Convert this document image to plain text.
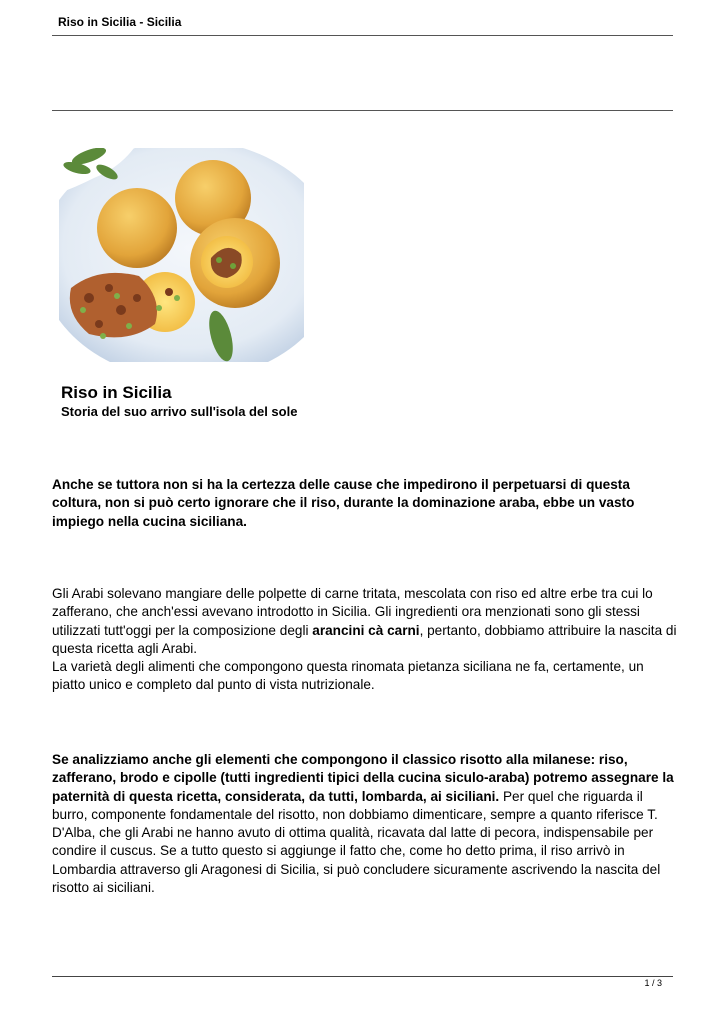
Riso in Sicilia - Sicilia
Riso in Sicilia
Storia del suo arrivo sull'isola del sole
Anche se tuttora non si ha la certezza delle cause che impedirono il perpetuarsi di questa coltura, non si può certo ignorare che il riso, durante la dominazione araba, ebbe un vasto impiego nella cucina siciliana.
Gli Arabi solevano mangiare delle polpette di carne tritata, mescolata con riso ed altre erbe tra cui lo zafferano, che anch'essi avevano introdotto in Sicilia. Gli ingredienti ora menzionati sono gli stessi utilizzati tutt'oggi per la composizione degli arancini cà carni, pertanto, dobbiamo attribuire la nascita di questa ricetta agli Arabi.
La varietà degli alimenti che compongono questa rinomata pietanza siciliana ne fa, certamente, un piatto unico e completo dal punto di vista nutrizionale.
Se analizziamo anche gli elementi che compongono il classico risotto alla milanese: riso, zafferano, brodo e cipolle (tutti ingredienti tipici della cucina siculo-araba) potremo assegnare la paternità di questa ricetta, considerata, da tutti, lombarda, ai siciliani. Per quel che riguarda il burro, componente fondamentale del risotto, non dobbiamo dimenticare, sempre a quanto riferisce T. D'Alba, che gli Arabi ne hanno avuto di ottima qualità, ricavata dal latte di pecora, indispensabile per condire il cuscus. Se a tutto questo si aggiunge il fatto che, come ho detto prima, il riso arrivò in Lombardia attraverso gli Aragonesi di Sicilia, si può concludere sicuramente ascrivendo la nascita del risotto ai siciliani.
1 / 3
